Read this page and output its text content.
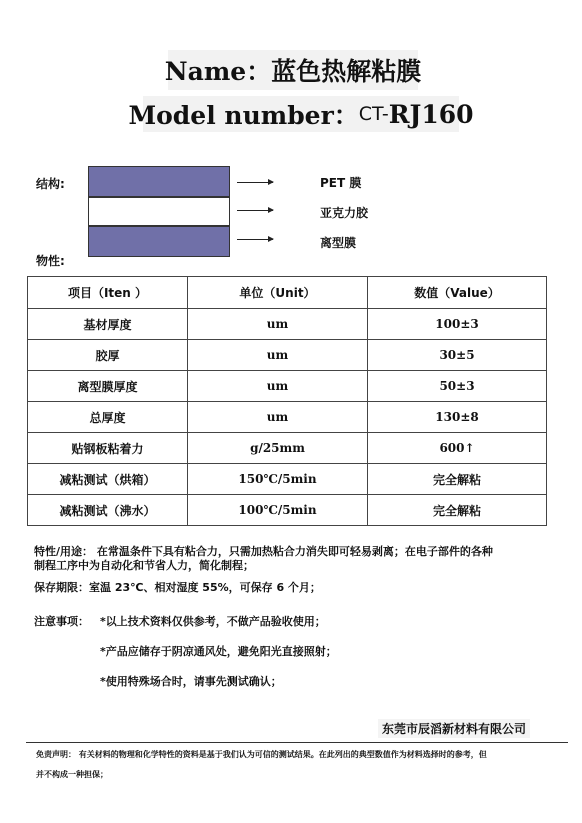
Name： 蓝色热解粘膜
Model number： CT- RJ160
结构:	PET 膜
亚克力胶
离型膜
物性:
项目（Iten ）	单位（Unit）	数值（Value）
基材厚度	um	100±3
胶厚	um	30±5
离型膜厚度	um	50±3
总厚度	um	130±8
贴钢板粘着力	g/25mm	600↑
减粘测试（烘箱）	150℃/5min	完全解粘
减粘测试（沸水）	100℃/5min	完全解粘
特性/用途： 在常温条件下具有粘合力，只需加热粘合力消失即可轻易剥离；在电子部件的各种
制程工序中为自动化和节省人力，简化制程；
保存期限：室温 23℃、相对湿度 55%，可保存 6 个月；
注意事项： *以上技术资料仅供参考，不做产品验收使用；
*产品应储存于阴凉通风处，避免阳光直接照射；
*使用特殊场合时，请事先测试确认；
东莞市辰滔新材料有限公司
免责声明： 有关材料的物理和化学特性的资料是基于我们认为可信的测试结果。在此列出的典型数值作为材料选择时的参考，但
并不构成一种担保；
